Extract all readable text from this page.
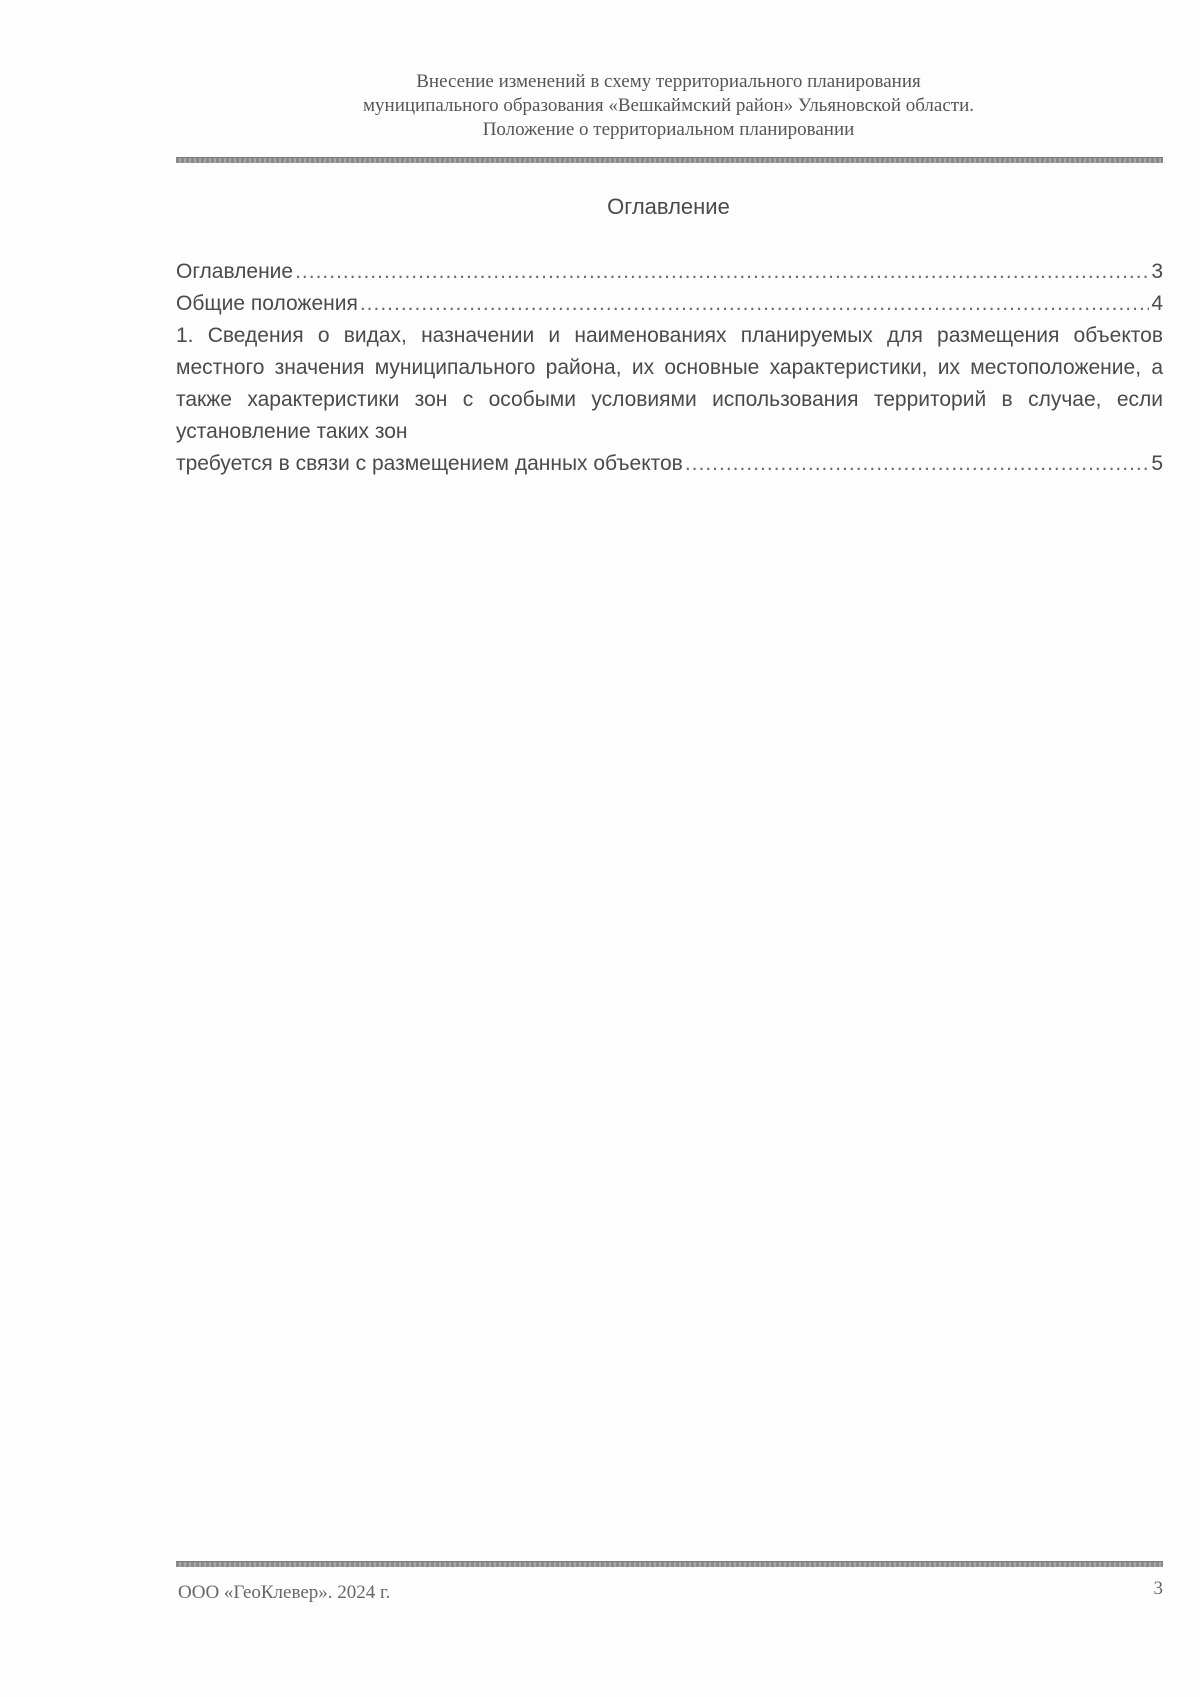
Внесение изменений в схему территориального планирования
муниципального образования «Вешкаймский район» Ульяновской области.
Положение о территориальном планировании
Оглавление
Оглавление .....	3
Общие положения .....	4
1. Сведения о видах, назначении и наименованиях планируемых для размещения объектов местного значения муниципального района, их основные характеристики, их местоположение, а также характеристики зон с особыми условиями использования территорий в случае, если установление таких зон
требуется в связи с размещением данных объектов .....	5
ООО «ГеоКлевер». 2024 г.	3
